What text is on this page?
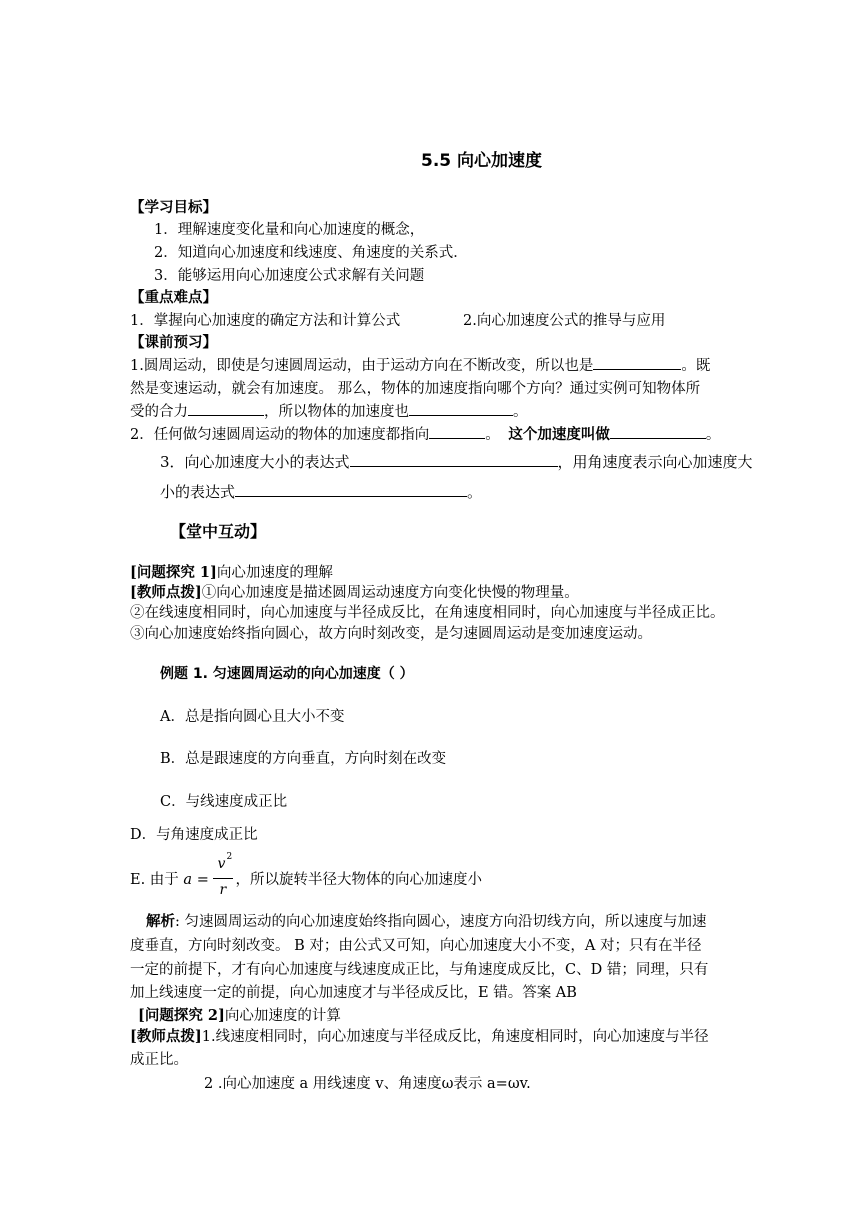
5.5 向心加速度
【学习目标】
1．理解速度变化量和向心加速度的概念，
2．知道向心加速度和线速度、角速度的关系式．
3．能够运用向心加速度公式求解有关问题
【重点难点】
1．掌握向心加速度的确定方法和计算公式	2.向心加速度公式的推导与应用
【课前预习】
1.圆周运动，即使是匀速圆周运动，由于运动方向在不断改变，所以也是	。既
然是变速运动，就会有加速度。 那么，物体的加速度指向哪个方向？通过实例可知物体所
受的合力	，所以物体的加速度也	。
2．任何做匀速圆周运动的物体的加速度都指向	。 这个加速度叫做	。
3．向心加速度大小的表达式	，用角速度表示向心加速度大
小的表达式	。
【堂中互动】
[问题探究 1]向心加速度的理解
[教师点拨]①向心加速度是描述圆周运动速度方向变化快慢的物理量。
②在线速度相同时，向心加速度与半径成反比，在角速度相同时，向心加速度与半径成正比。
③向心加速度始终指向圆心，故方向时刻改变，是匀速圆周运动是变加速度运动。
例题 1. 匀速圆周运动的向心加速度（ ）
A．总是指向圆心且大小不变
B．总是跟速度的方向垂直，方向时刻在改变
C．与线速度成正比
D．与角速度成正比
E. 由于 a =
v 2
r
，所以旋转半径大物体的向心加速度小
解析: 匀速圆周运动的向心加速度始终指向圆心，速度方向沿切线方向，所以速度与加速
度垂直，方向时刻改变。 B 对；由公式又可知，向心加速度大小不变，A 对；只有在半径
一定的前提下，才有向心加速度与线速度成正比，与角速度成反比，C、D 错；同理，只有
加上线速度一定的前提，向心加速度才与半径成反比，E 错。答案 AB
[问题探究 2]向心加速度的计算
[教师点拨]1.线速度相同时，向心加速度与半径成反比，角速度相同时，向心加速度与半径
成正比。
2 .向心加速度 a 用线速度 v、角速度ω表示 a=ωv.
